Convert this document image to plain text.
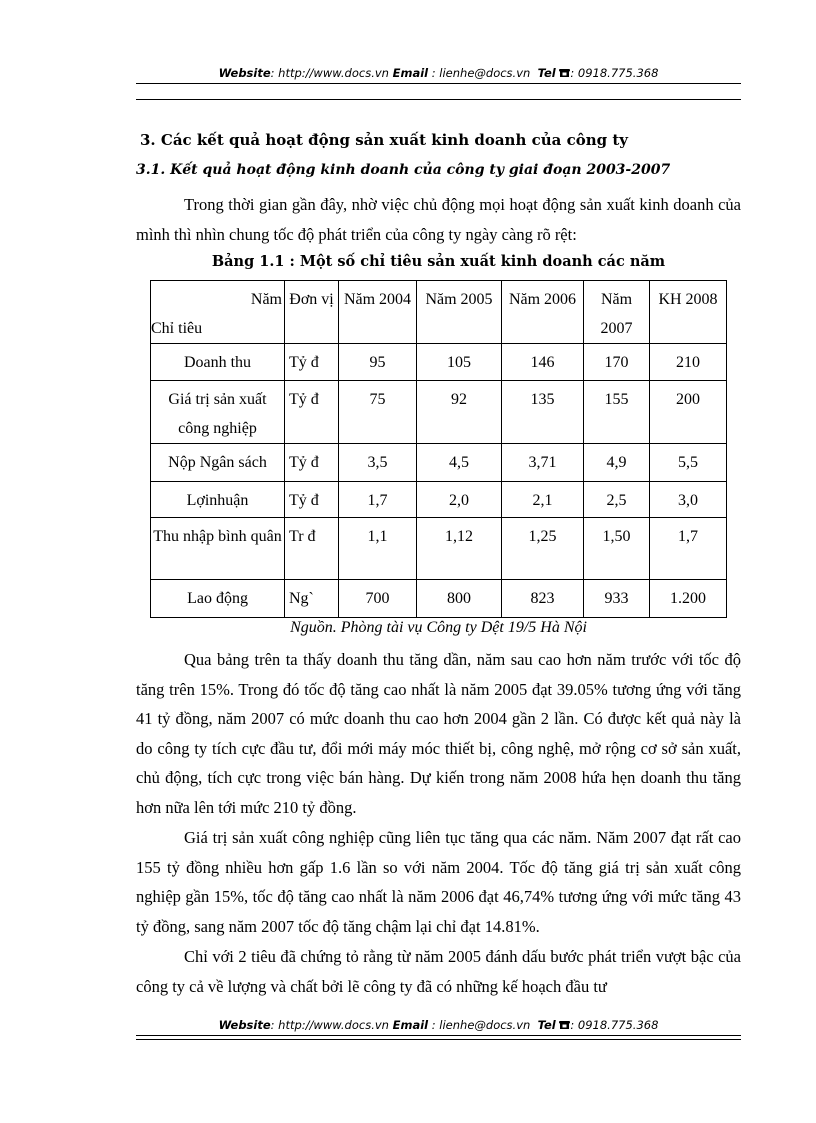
Website: http://www.docs.vn Email : lienhe@docs.vn Tel : 0918.775.368
3. Các kết quả hoạt động sản xuất kinh doanh của công ty
3.1. Kết quả hoạt động kinh doanh của công ty giai đoạn 2003-2007

Trong thời gian gần đây, nhờ việc chủ động mọi hoạt động sản xuất kinh doanh của mình thì nhìn chung tốc độ phát triển của công ty ngày càng rõ rệt:

Bảng 1.1 : Một số chỉ tiêu sản xuất kinh doanh các năm
Năm
Chỉ tiêu	Đơn vị	Năm 2004	Năm 2005	Năm 2006	Năm 2007	KH 2008
Doanh thu	Tỷ đ	95	105	146	170	210
Giá trị sản xuất công nghiệp	Tỷ đ	75	92	135	155	200
Nộp Ngân sách	Tỷ đ	3,5	4,5	3,71	4,9	5,5
Lợinhuận	Tỷ đ	1,7	2,0	2,1	2,5	3,0
Thu nhập bình quân	Tr đ	1,1	1,12	1,25	1,50	1,7
Lao động	Ng`	700	800	823	933	1.200
Nguồn. Phòng tài vụ Công ty Dệt 19/5 Hà Nội

Qua bảng trên ta thấy doanh thu tăng dần, năm sau cao hơn năm trước với tốc độ tăng trên 15%. Trong đó tốc độ tăng cao nhất là năm 2005 đạt 39.05% tương ứng với tăng 41 tỷ đồng, năm 2007 có mức doanh thu cao hơn 2004 gần 2 lần. Có được kết quả này là do công ty tích cực đầu tư, đổi mới máy móc thiết bị, công nghệ, mở rộng cơ sở sản xuất, chủ động, tích cực trong việc bán hàng. Dự kiến trong năm 2008 hứa hẹn doanh thu tăng hơn nữa lên tới mức 210 tỷ đồng.

Giá trị sản xuất công nghiệp cũng liên tục tăng qua các năm. Năm 2007 đạt rất cao 155 tỷ đồng nhiều hơn gấp 1.6 lần so với năm 2004. Tốc độ tăng giá trị sản xuất công nghiệp gần 15%, tốc độ tăng cao nhất là năm 2006 đạt 46,74% tương ứng với mức tăng 43 tỷ đồng, sang năm 2007 tốc độ tăng chậm lại chỉ đạt 14.81%.

Chỉ với 2 tiêu đã chứng tỏ rằng từ năm 2005 đánh dấu bước phát triển vượt bậc của công ty cả về lượng và chất bởi lẽ công ty đã có những kế hoạch đầu tư

Website: http://www.docs.vn Email : lienhe@docs.vn Tel : 0918.775.368
